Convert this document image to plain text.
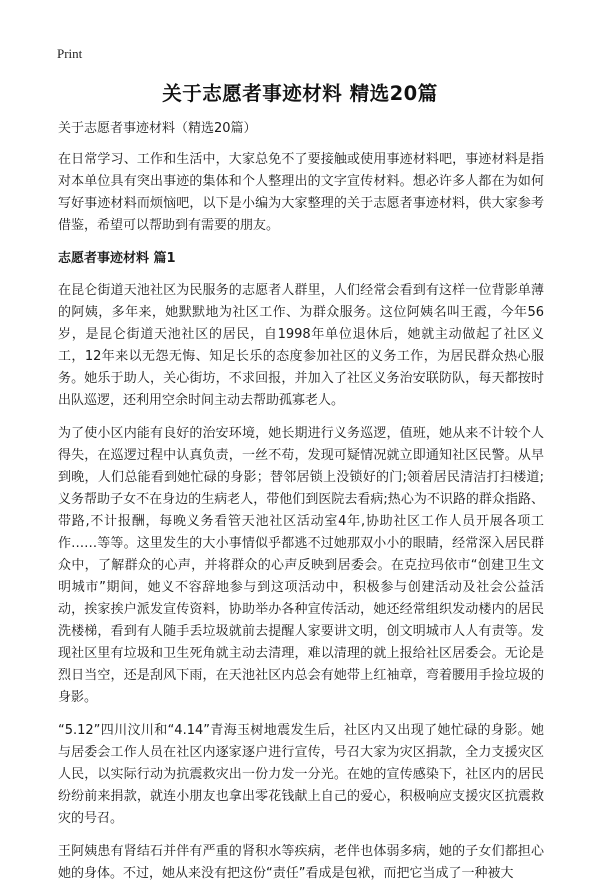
Print
关于志愿者事迹材料 精选20篇
关于志愿者事迹材料（精选20篇）

在日常学习、工作和生活中，大家总免不了要接触或使用事迹材料吧，事迹材料是指对本单位具有突出事迹的集体和个人整理出的文字宣传材料。想必许多人都在为如何写好事迹材料而烦恼吧，以下是小编为大家整理的关于志愿者事迹材料，供大家参考借鉴，希望可以帮助到有需要的朋友。

志愿者事迹材料 篇1

在昆仑街道天池社区为民服务的志愿者人群里，人们经常会看到有这样一位背影单薄的阿姨，多年来，她默默地为社区工作、为群众服务。这位阿姨名叫王霞，今年56岁，是昆仑街道天池社区的居民，自1998年单位退休后，她就主动做起了社区义工，12年来以无怨无悔、知足长乐的态度参加社区的义务工作，为居民群众热心服务。她乐于助人，关心街坊，不求回报，并加入了社区义务治安联防队，每天都按时出队巡逻，还利用空余时间主动去帮助孤寡老人。

为了使小区内能有良好的治安环境，她长期进行义务巡逻，值班，她从来不计较个人得失，在巡逻过程中认真负责，一丝不苟，发现可疑情况就立即通知社区民警。从早到晚，人们总能看到她忙碌的身影；替邻居锁上没锁好的门;领着居民清洁打扫楼道;义务帮助子女不在身边的生病老人，带他们到医院去看病;热心为不识路的群众指路、带路,不计报酬，每晚义务看管天池社区活动室4年,协助社区工作人员开展各项工作……等等。这里发生的大小事情似乎都逃不过她那双小小的眼睛，经常深入居民群众中，了解群众的心声，并将群众的心声反映到居委会。在克拉玛依市“创建卫生文明城市”期间，她义不容辞地参与到这项活动中，积极参与创建活动及社会公益活动，挨家挨户派发宣传资料，协助举办各种宣传活动，她还经常组织发动楼内的居民洗楼梯，看到有人随手丢垃圾就前去提醒人家要讲文明，创文明城市人人有责等。发现社区里有垃圾和卫生死角就主动去清理，难以清理的就上报给社区居委会。无论是烈日当空，还是刮风下雨，在天池社区内总会有她带上红袖章，弯着腰用手捡垃圾的身影。

“5.12”四川汶川和“4.14”青海玉树地震发生后，社区内又出现了她忙碌的身影。她与居委会工作人员在社区内逐家逐户进行宣传，号召大家为灾区捐款，全力支援灾区人民，以实际行动为抗震救灾出一份力发一分光。在她的宣传感染下，社区内的居民纷纷前来捐款，就连小朋友也拿出零花钱献上自己的爱心，积极响应支援灾区抗震救灾的号召。

王阿姨患有肾结石并伴有严重的肾积水等疾病，老伴也体弱多病，她的子女们都担心她的身体。不过，她从来没有把这份“责任”看成是包袱，而把它当成了一种被大
